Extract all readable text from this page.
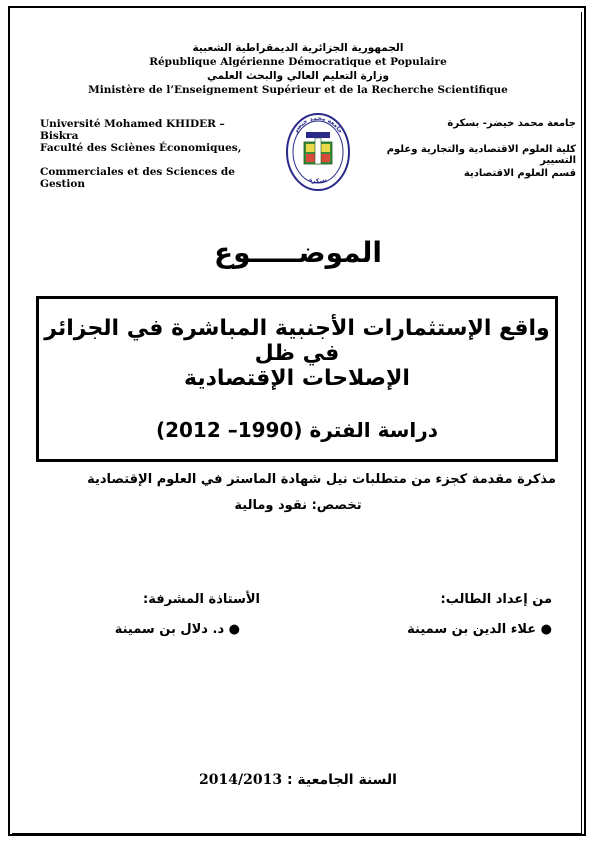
الجمهورية الجزائرية الديمقراطية الشعبية
République Algérienne Démocratique et Populaire
وزارة التعليم العالي والبحث العلمي
Ministère de l’Enseignement Supérieur et de la Recherche Scientifique
Université Mohamed KHIDER –Biskra
Faculté des Sciènes Économiques,
Commerciales et des Sciences de Gestion
جامعة محمد خيضر- بسكرة
كلية العلوم الاقتصادية والتجارية وعلوم التسيير
قسم العلوم الاقتصادية
جامعة محمد خيضر
بسكرة
الموضـــــوع
واقع الإستثمارات الأجنبية المباشرة في الجزائر في ظل
الإصلاحات الإقتصادية
دراسة الفترة (1990– 2012)
مذكرة مقدمة كجزء من متطلبات نيل شهادة الماستر في العلوم الإقتصادية
تخصص: نقود ومالية
من إعداد الطالب:
● علاء الدين بن سمينة
الأستاذة المشرفة:
● د. دلال بن سمينة
2014/2013 السنة الجامعية :
